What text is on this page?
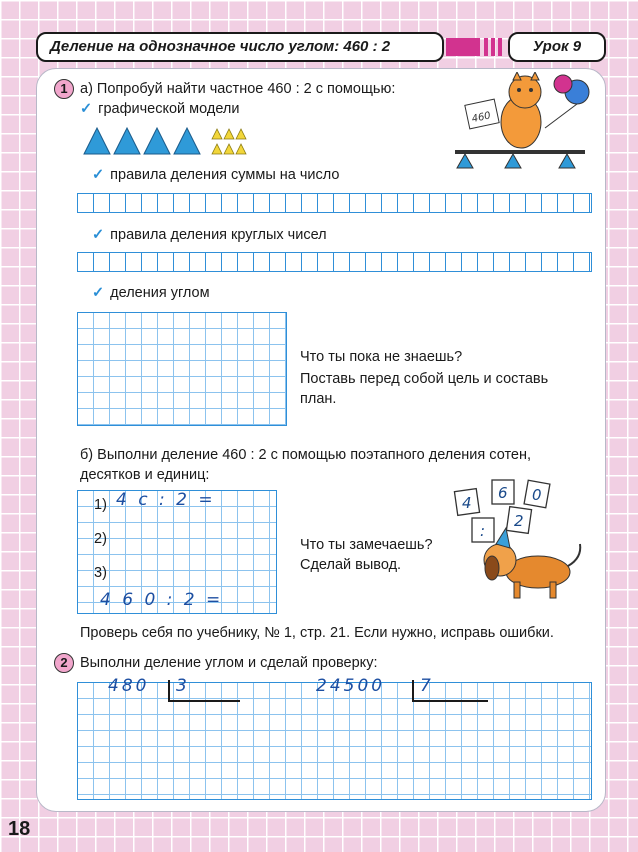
Деление на однозначное число углом: 460 : 2	Урок 9
1 а) Попробуй найти частное 460 : 2 с помощью:
✓ графической модели
✓ правила деления суммы на число
✓ правила деления круглых чисел
✓ деления углом
460
Что ты пока не знаешь?
Поставь перед собой цель и составь
план.
б) Выполни деление 460 : 2 с помощью поэтапного деления сотен,
десятков и единиц:
1) 4 с : 2 =
2)
3)
4 6 0 : 2 =
Что ты замечаешь?
Сделай вывод.
4
6 0
:
2
Проверь себя по учебнику, № 1, стр. 21. Если нужно, исправь ошибки.
2 Выполни деление углом и сделай проверку:
480 3	24500 7
18
